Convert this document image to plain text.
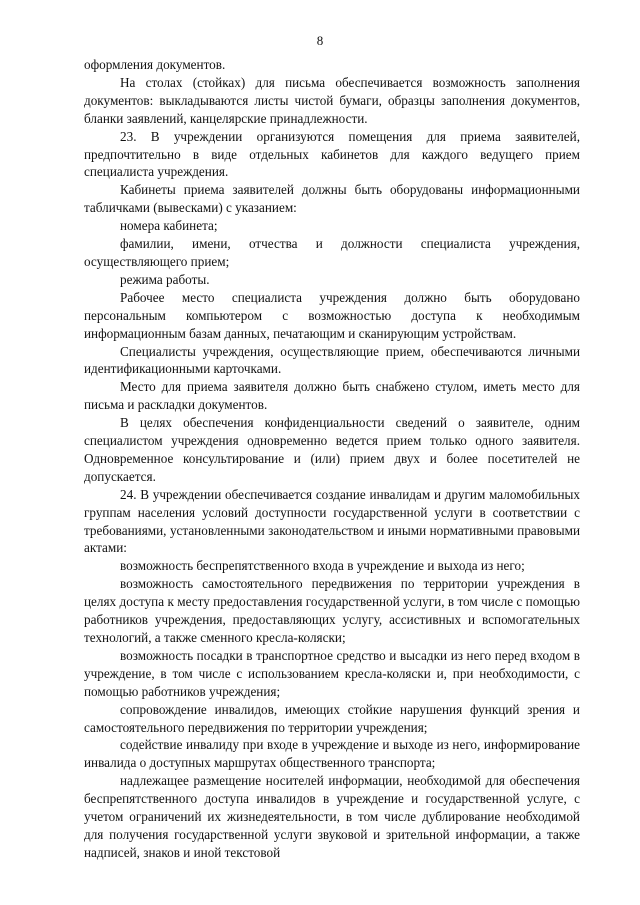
8

оформления документов.

На столах (стойках) для письма обеспечивается возможность заполнения документов: выкладываются листы чистой бумаги, образцы заполнения документов, бланки заявлений, канцелярские принадлежности.

23. В учреждении организуются помещения для приема заявителей, предпочтительно в виде отдельных кабинетов для каждого ведущего прием специалиста учреждения.

Кабинеты приема заявителей должны быть оборудованы информационными табличками (вывесками) с указанием:

номера кабинета;

фамилии, имени, отчества и должности специалиста учреждения, осуществляющего прием;

режима работы.

Рабочее место специалиста учреждения должно быть оборудовано персональным компьютером с возможностью доступа к необходимым информационным базам данных, печатающим и сканирующим устройствам.

Специалисты учреждения, осуществляющие прием, обеспечиваются личными идентификационными карточками.

Место для приема заявителя должно быть снабжено стулом, иметь место для письма и раскладки документов.

В целях обеспечения конфиденциальности сведений о заявителе, одним специалистом учреждения одновременно ведется прием только одного заявителя. Одновременное консультирование и (или) прием двух и более посетителей не допускается.

24. В учреждении обеспечивается создание инвалидам и другим маломобильных группам населения условий доступности государственной услуги в соответствии с требованиями, установленными законодательством и иными нормативными правовыми актами:

возможность беспрепятственного входа в учреждение и выхода из него;

возможность самостоятельного передвижения по территории учреждения в целях доступа к месту предоставления государственной услуги, в том числе с помощью работников учреждения, предоставляющих услугу, ассистивных и вспомогательных технологий, а также сменного кресла-коляски;

возможность посадки в транспортное средство и высадки из него перед входом в учреждение, в том числе с использованием кресла-коляски и, при необходимости, с помощью работников учреждения;

сопровождение инвалидов, имеющих стойкие нарушения функций зрения и самостоятельного передвижения по территории учреждения;

содействие инвалиду при входе в учреждение и выходе из него, информирование инвалида о доступных маршрутах общественного транспорта;

надлежащее размещение носителей информации, необходимой для обеспечения беспрепятственного доступа инвалидов в учреждение и государственной услуге, с учетом ограничений их жизнедеятельности, в том числе дублирование необходимой для получения государственной услуги звуковой и зрительной информации, а также надписей, знаков и иной текстовой
